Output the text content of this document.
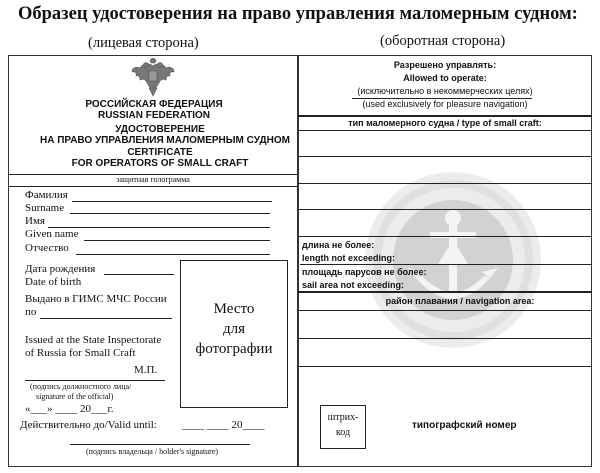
Образец удостоверения на право управления маломерным судном:
(лицевая сторона)	(оборотная сторона)
РОССИЙСКАЯ ФЕДЕРАЦИЯ
RUSSIAN FEDERATION
УДОСТОВЕРЕНИЕ
НА ПРАВО УПРАВЛЕНИЯ МАЛОМЕРНЫМ СУДНОМ
CERTIFICATE
FOR OPERATORS OF SMALL CRAFT
защитная голограмма
Фамилия
Surname
Имя
Given name
Отчество
Дата рождения
Date of birth
Выдано в ГИМС МЧС России
по
Issued at the State Inspectorate
of Russia for Small Craft
М.П.
(подпись должностного лица/
signature of the official)
«___» ____ 20___г.
Действительно до/Valid until: ____ ____ 20____
(подпись владельца / holder's signature)
Место
для
фотографии
Разрешено управлять:
Allowed to operate:
(исключительно в некоммерческих целях)
(used exclusively for pleasure navigation)
тип маломерного судна / type of small craft:
длина не более:
length not exceeding:
площадь парусов не более:
sail area not exceeding:
район плавания / navigation area:
штрих-
код
типографский номер
